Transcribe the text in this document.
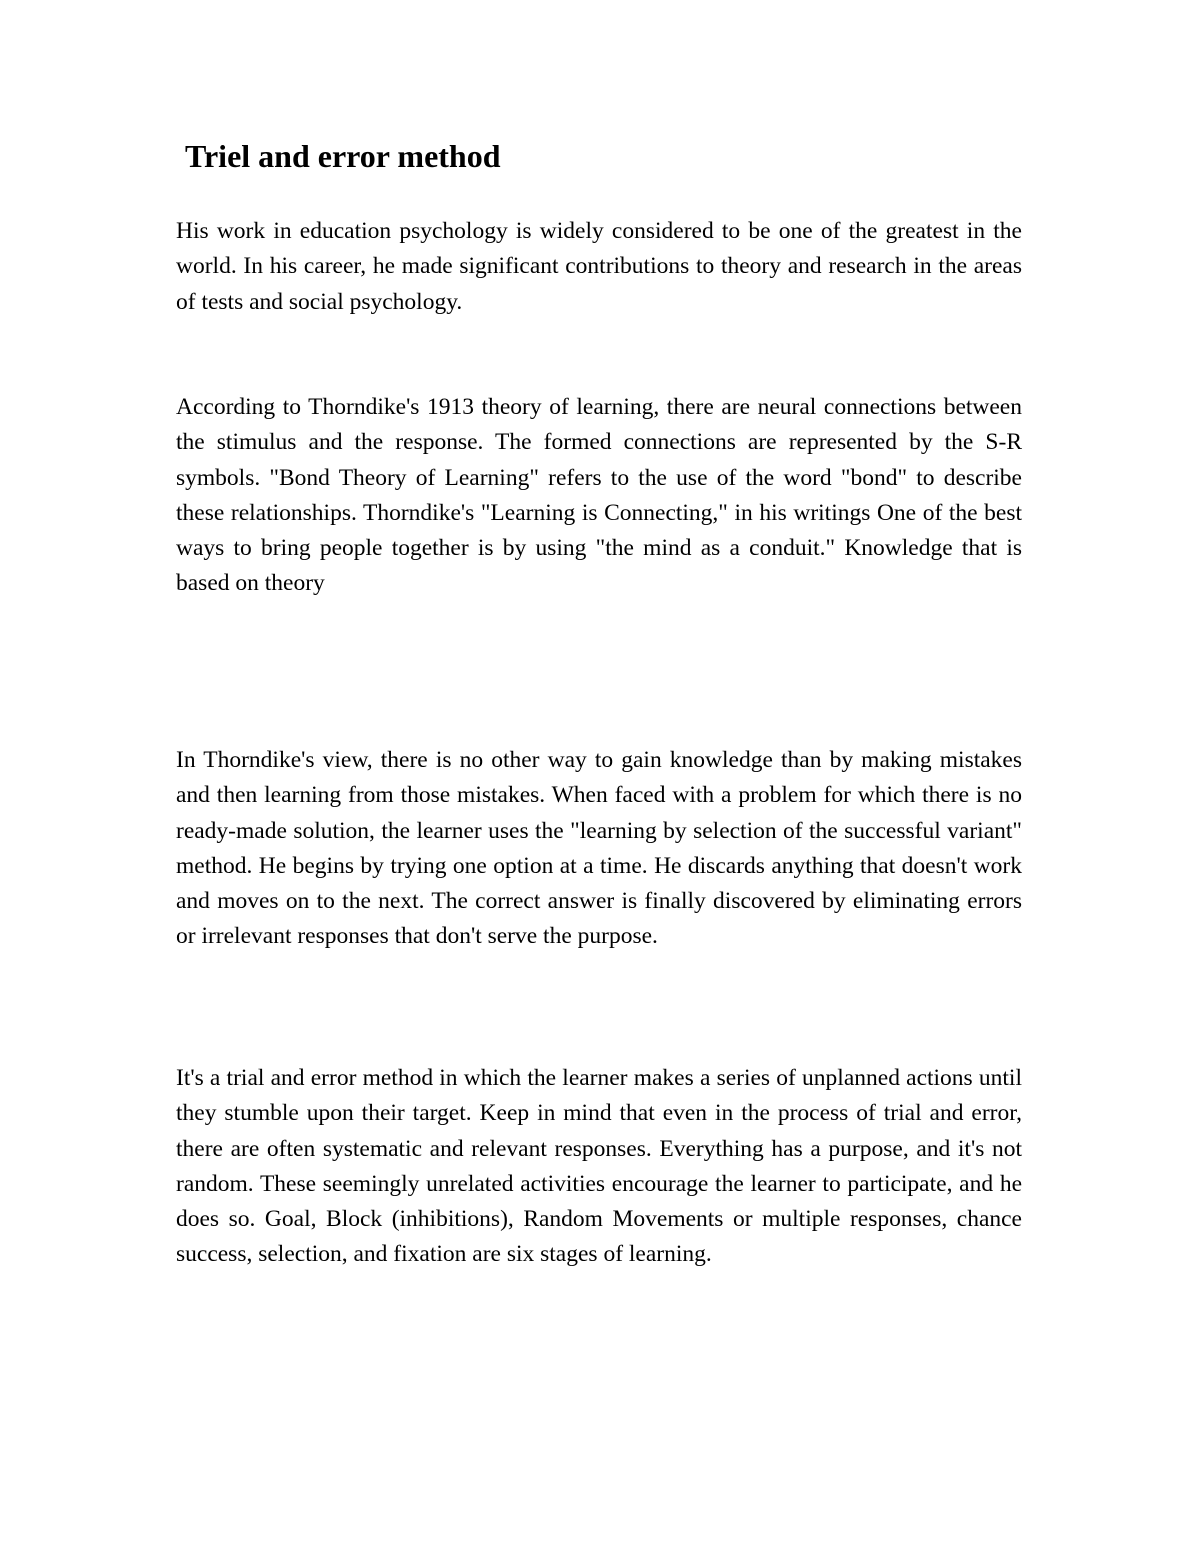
Triel and error method

His work in education psychology is widely considered to be one of the greatest in the world. In his career, he made significant contributions to theory and research in the areas of tests and social psychology.

According to Thorndike's 1913 theory of learning, there are neural connections between the stimulus and the response. The formed connections are represented by the S-R symbols. "Bond Theory of Learning" refers to the use of the word "bond" to describe these relationships. Thorndike's "Learning is Connecting," in his writings One of the best ways to bring people together is by using "the mind as a conduit." Knowledge that is based on theory

In Thorndike's view, there is no other way to gain knowledge than by making mistakes and then learning from those mistakes. When faced with a problem for which there is no ready-made solution, the learner uses the "learning by selection of the successful variant" method. He begins by trying one option at a time. He discards anything that doesn't work and moves on to the next. The correct answer is finally discovered by eliminating errors or irrelevant responses that don't serve the purpose.

It's a trial and error method in which the learner makes a series of unplanned actions until they stumble upon their target. Keep in mind that even in the process of trial and error, there are often systematic and relevant responses. Everything has a purpose, and it's not random. These seemingly unrelated activities encourage the learner to participate, and he does so. Goal, Block (inhibitions), Random Movements or multiple responses, chance success, selection, and fixation are six stages of learning.
